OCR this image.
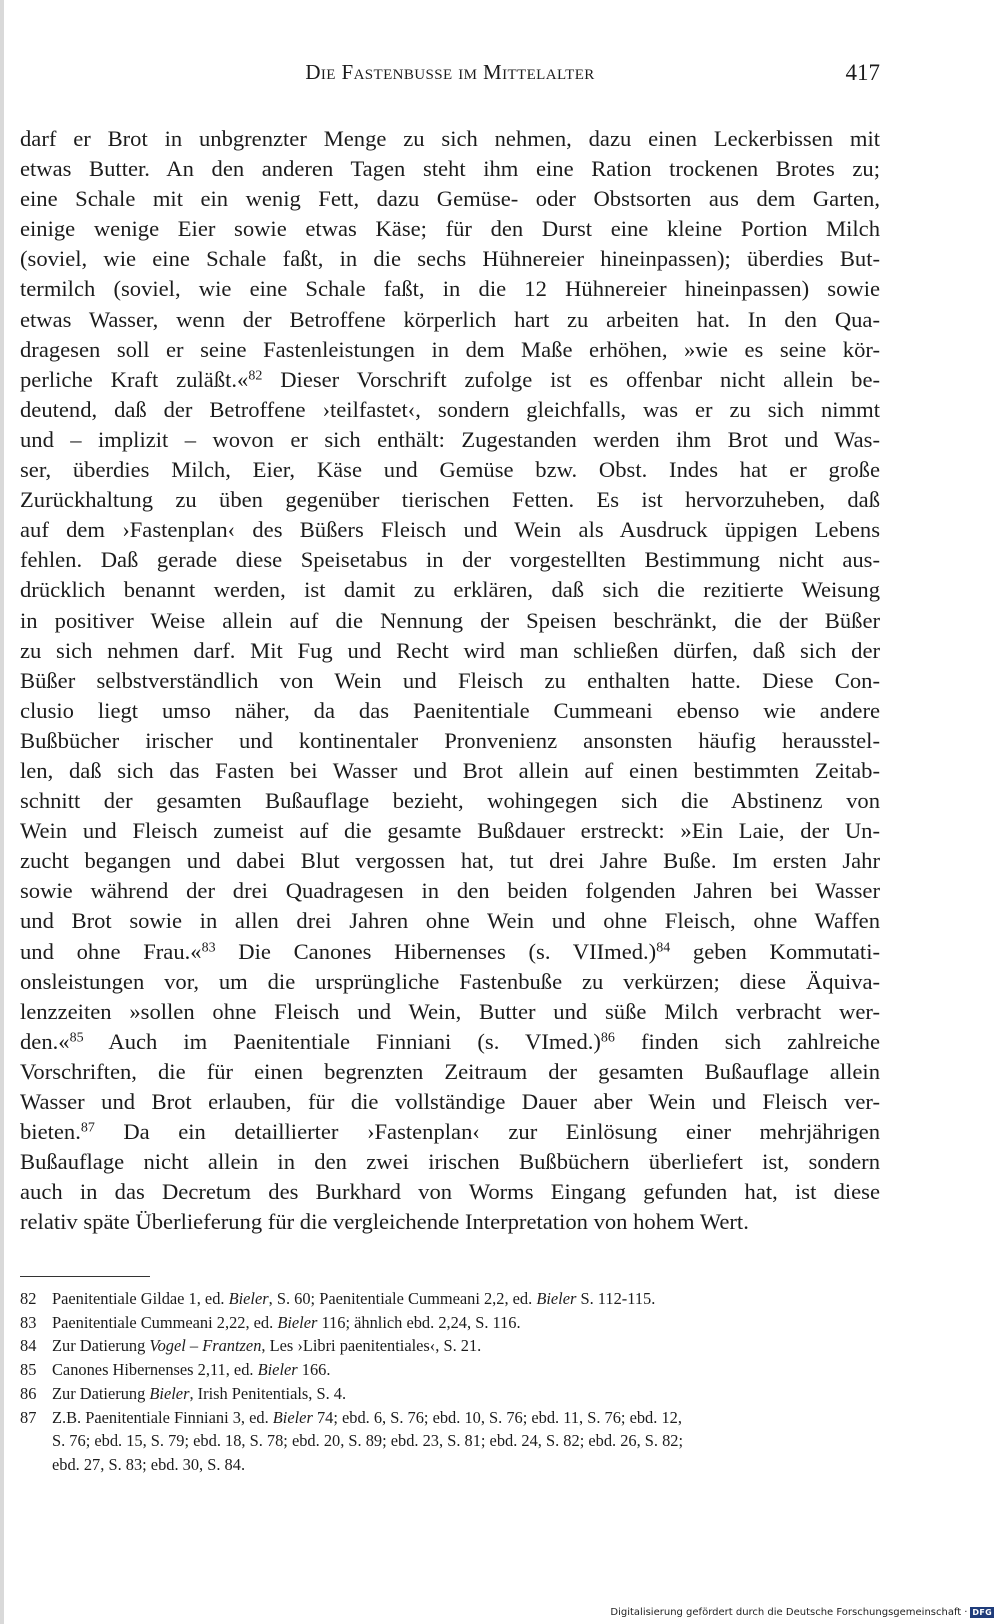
Die Fastenbusse im Mittelalter	417
darf er Brot in unbgrenzter Menge zu sich nehmen, dazu einen Leckerbissen mit
etwas Butter. An den anderen Tagen steht ihm eine Ration trockenen Brotes zu;
eine Schale mit ein wenig Fett, dazu Gemüse- oder Obstsorten aus dem Garten,
einige wenige Eier sowie etwas Käse; für den Durst eine kleine Portion Milch
(soviel, wie eine Schale faßt, in die sechs Hühnereier hineinpassen); überdies But-
termilch (soviel, wie eine Schale faßt, in die 12 Hühnereier hineinpassen) sowie
etwas Wasser, wenn der Betroffene körperlich hart zu arbeiten hat. In den Qua-
dragesen soll er seine Fastenleistungen in dem Maße erhöhen, »wie es seine kör-
perliche Kraft zuläßt.«$^{82}$ Dieser Vorschrift zufolge ist es offenbar nicht allein be-
deutend, daß der Betroffene ›teilfastet‹, sondern gleichfalls, was er zu sich nimmt
und – implizit – wovon er sich enthält: Zugestanden werden ihm Brot und Was-
ser, überdies Milch, Eier, Käse und Gemüse bzw. Obst. Indes hat er große
Zurückhaltung zu üben gegenüber tierischen Fetten. Es ist hervorzuheben, daß
auf dem ›Fastenplan‹ des Büßers Fleisch und Wein als Ausdruck üppigen Lebens
fehlen. Daß gerade diese Speisetabus in der vorgestellten Bestimmung nicht aus-
drücklich benannt werden, ist damit zu erklären, daß sich die rezitierte Weisung
in positiver Weise allein auf die Nennung der Speisen beschränkt, die der Büßer
zu sich nehmen darf. Mit Fug und Recht wird man schließen dürfen, daß sich der
Büßer selbstverständlich von Wein und Fleisch zu enthalten hatte. Diese Con-
clusio liegt umso näher, da das Paenitentiale Cummeani ebenso wie andere
Bußbücher irischer und kontinentaler Pronvenienz ansonsten häufig herausstel-
len, daß sich das Fasten bei Wasser und Brot allein auf einen bestimmten Zeitab-
schnitt der gesamten Bußauflage bezieht, wohingegen sich die Abstinenz von
Wein und Fleisch zumeist auf die gesamte Bußdauer erstreckt: »Ein Laie, der Un-
zucht begangen und dabei Blut vergossen hat, tut drei Jahre Buße. Im ersten Jahr
sowie während der drei Quadragesen in den beiden folgenden Jahren bei Wasser
und Brot sowie in allen drei Jahren ohne Wein und ohne Fleisch, ohne Waffen
und ohne Frau.«$^{83}$ Die Canones Hibernenses (s. VIImed.)$^{84}$ geben Kommutati-
onsleistungen vor, um die ursprüngliche Fastenbuße zu verkürzen; diese Äquiva-
lenzzeiten »sollen ohne Fleisch und Wein, Butter und süße Milch verbracht wer-
den.«$^{85}$ Auch im Paenitentiale Finniani (s. VImed.)$^{86}$ finden sich zahlreiche
Vorschriften, die für einen begrenzten Zeitraum der gesamten Bußauflage allein
Wasser und Brot erlauben, für die vollständige Dauer aber Wein und Fleisch ver-
bieten.$^{87}$ Da ein detaillierter ›Fastenplan‹ zur Einlösung einer mehrjährigen
Bußauflage nicht allein in den zwei irischen Bußbüchern überliefert ist, sondern
auch in das Decretum des Burkhard von Worms Eingang gefunden hat, ist diese
relativ späte Überlieferung für die vergleichende Interpretation von hohem Wert.
82 Paenitentiale Gildae 1, ed. Bieler, S. 60; Paenitentiale Cummeani 2,2, ed. Bieler S. 112-115.
83 Paenitentiale Cummeani 2,22, ed. Bieler 116; ähnlich ebd. 2,24, S. 116.
84 Zur Datierung Vogel – Frantzen, Les ›Libri paenitentiales‹, S. 21.
85 Canones Hibernenses 2,11, ed. Bieler 166.
86 Zur Datierung Bieler, Irish Penitentials, S. 4.
87 Z.B. Paenitentiale Finniani 3, ed. Bieler 74; ebd. 6, S. 76; ebd. 10, S. 76; ebd. 11, S. 76; ebd. 12,
S. 76; ebd. 15, S. 79; ebd. 18, S. 78; ebd. 20, S. 89; ebd. 23, S. 81; ebd. 24, S. 82; ebd. 26, S. 82;
ebd. 27, S. 83; ebd. 30, S. 84.
Digitalisierung gefördert durch die Deutsche Forschungsgemeinschaft · DFG
